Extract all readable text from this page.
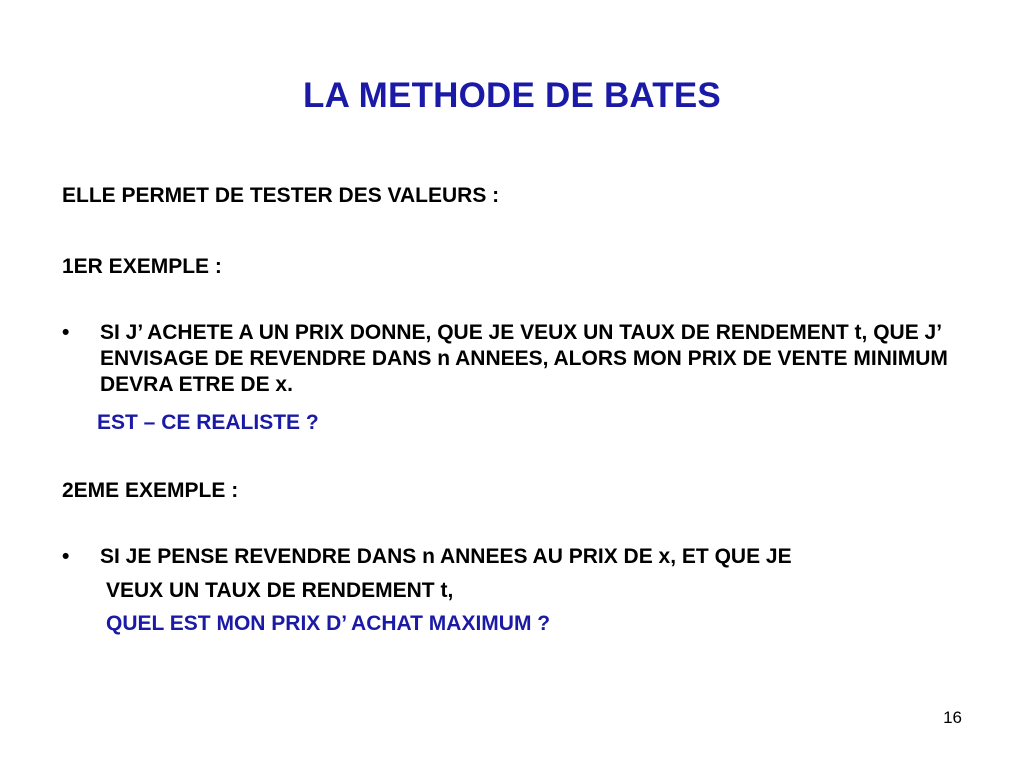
LA METHODE DE BATES
ELLE PERMET DE TESTER DES VALEURS :
1ER EXEMPLE :
• SI J’ ACHETE A UN PRIX DONNE, QUE JE VEUX UN TAUX DE RENDEMENT t, QUE J’ ENVISAGE DE REVENDRE DANS n ANNEES, ALORS MON PRIX DE VENTE MINIMUM DEVRA ETRE DE x.
EST – CE REALISTE ?
2EME EXEMPLE :
• SI JE PENSE REVENDRE DANS n ANNEES AU PRIX DE x, ET QUE JE
VEUX UN TAUX DE RENDEMENT t,
QUEL EST MON PRIX D’ ACHAT MAXIMUM ?
16
